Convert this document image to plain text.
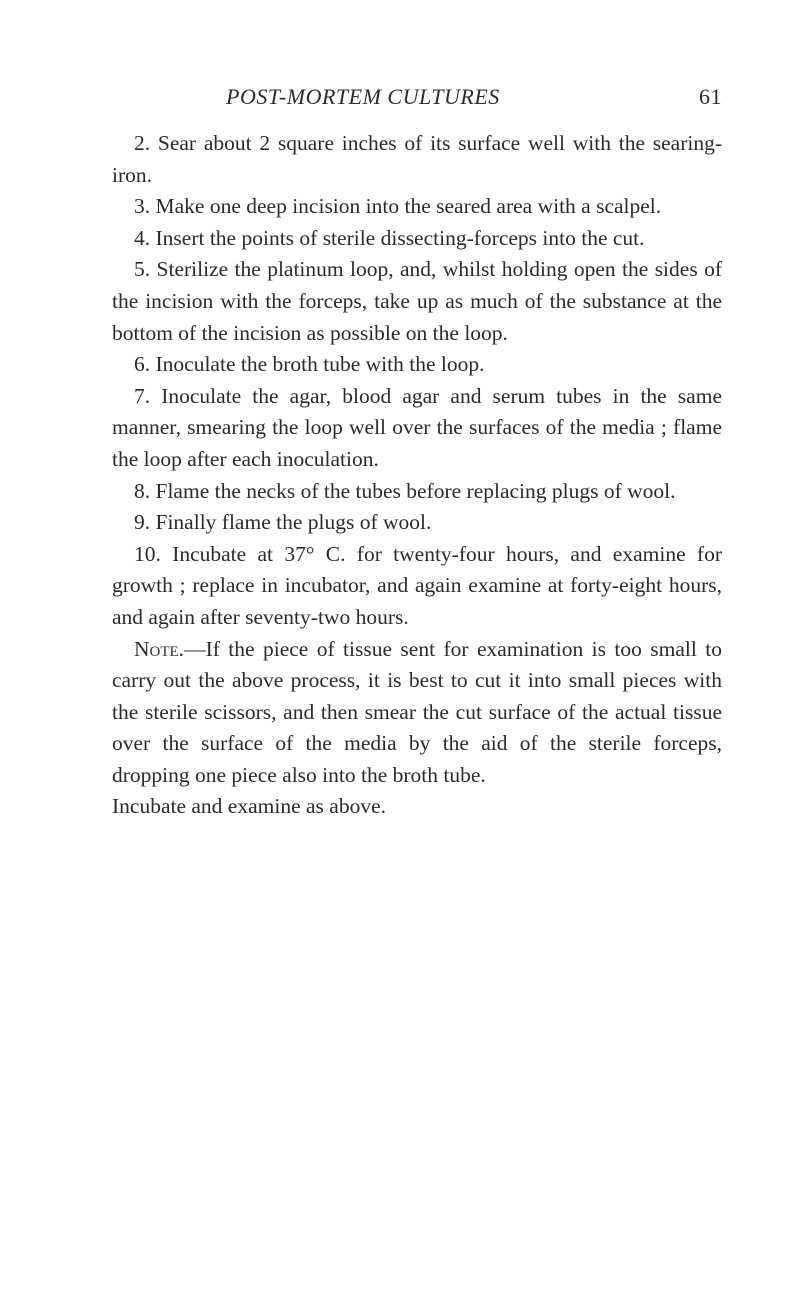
POST-MORTEM CULTURES	61

2. Sear about 2 square inches of its surface well with the searing-iron.

3. Make one deep incision into the seared area with a scalpel.

4. Insert the points of sterile dissecting-forceps into the cut.

5. Sterilize the platinum loop, and, whilst holding open the sides of the incision with the forceps, take up as much of the substance at the bottom of the incision as possible on the loop.

6. Inoculate the broth tube with the loop.

7. Inoculate the agar, blood agar and serum tubes in the same manner, smearing the loop well over the surfaces of the media ; flame the loop after each inoculation.

8. Flame the necks of the tubes before replacing plugs of wool.

9. Finally flame the plugs of wool.

10. Incubate at 37° C. for twenty-four hours, and examine for growth ; replace in incubator, and again examine at forty-eight hours, and again after seventy-two hours.

Note.—If the piece of tissue sent for examination is too small to carry out the above process, it is best to cut it into small pieces with the sterile scissors, and then smear the cut surface of the actual tissue over the surface of the media by the aid of the sterile forceps, dropping one piece also into the broth tube.

Incubate and examine as above.
